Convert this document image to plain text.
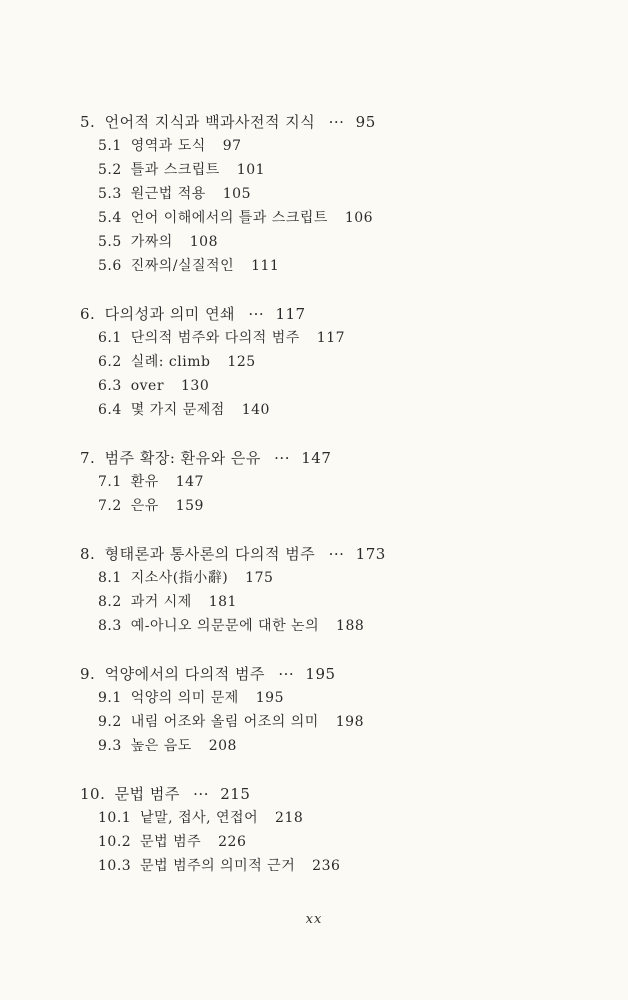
5. 언어적 지식과 백과사전적 지식 ··· 95
5.1 영역과 도식 97
5.2 틀과 스크립트 101
5.3 원근법 적용 105
5.4 언어 이해에서의 틀과 스크립트 106
5.5 가짜의 108
5.6 진짜의/실질적인 111
6. 다의성과 의미 연쇄 ··· 117
6.1 단의적 범주와 다의적 범주 117
6.2 실례: climb 125
6.3 over 130
6.4 몇 가지 문제점 140
7. 범주 확장: 환유와 은유 ··· 147
7.1 환유 147
7.2 은유 159
8. 형태론과 통사론의 다의적 범주 ··· 173
8.1 지소사(指小辭) 175
8.2 과거 시제 181
8.3 예-아니오 의문문에 대한 논의 188
9. 억양에서의 다의적 범주 ··· 195
9.1 억양의 의미 문제 195
9.2 내림 어조와 올림 어조의 의미 198
9.3 높은 음도 208
10. 문법 범주 ··· 215
10.1 낱말, 접사, 연접어 218
10.2 문법 범주 226
10.3 문법 범주의 의미적 근거 236
xx
